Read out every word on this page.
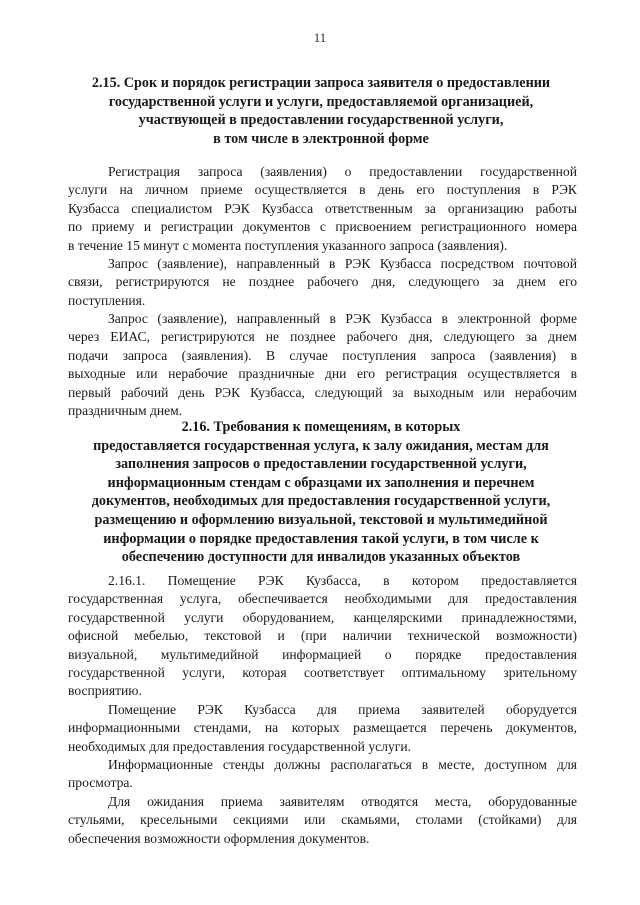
11
2.15. Срок и порядок регистрации запроса заявителя о предоставлении
государственной услуги и услуги, предоставляемой организацией,
участвующей в предоставлении государственной услуги,
в том числе в электронной форме
Регистрация запроса (заявления) о предоставлении государственной
услуги на личном приеме осуществляется в день его поступления в РЭК
Кузбасса специалистом РЭК Кузбасса ответственным за организацию работы
по приему и регистрации документов с присвоением регистрационного номера
в течение 15 минут с момента поступления указанного запроса (заявления).
Запрос (заявление), направленный в РЭК Кузбасса посредством почтовой
связи, регистрируются не позднее рабочего дня, следующего за днем его
поступления.
Запрос (заявление), направленный в РЭК Кузбасса в электронной форме
через ЕИАС, регистрируются не позднее рабочего дня, следующего за днем
подачи запроса (заявления). В случае поступления запроса (заявления) в
выходные или нерабочие праздничные дни его регистрация осуществляется в
первый рабочий день РЭК Кузбасса, следующий за выходным или нерабочим
праздничным днем.
2.16. Требования к помещениям, в которых
предоставляется государственная услуга, к залу ожидания, местам для
заполнения запросов о предоставлении государственной услуги,
информационным стендам с образцами их заполнения и перечнем
документов, необходимых для предоставления государственной услуги,
размещению и оформлению визуальной, текстовой и мультимедийной
информации о порядке предоставления такой услуги, в том числе к
обеспечению доступности для инвалидов указанных объектов
2.16.1. Помещение РЭК Кузбасса, в котором предоставляется
государственная услуга, обеспечивается необходимыми для предоставления
государственной услуги оборудованием, канцелярскими принадлежностями,
офисной мебелью, текстовой и (при наличии технической возможности)
визуальной, мультимедийной информацией о порядке предоставления
государственной услуги, которая соответствует оптимальному зрительному
восприятию.
Помещение РЭК Кузбасса для приема заявителей оборудуется
информационными стендами, на которых размещается перечень документов,
необходимых для предоставления государственной услуги.
Информационные стенды должны располагаться в месте, доступном для
просмотра.
Для ожидания приема заявителям отводятся места, оборудованные
стульями, кресельными секциями или скамьями, столами (стойками) для
обеспечения возможности оформления документов.
